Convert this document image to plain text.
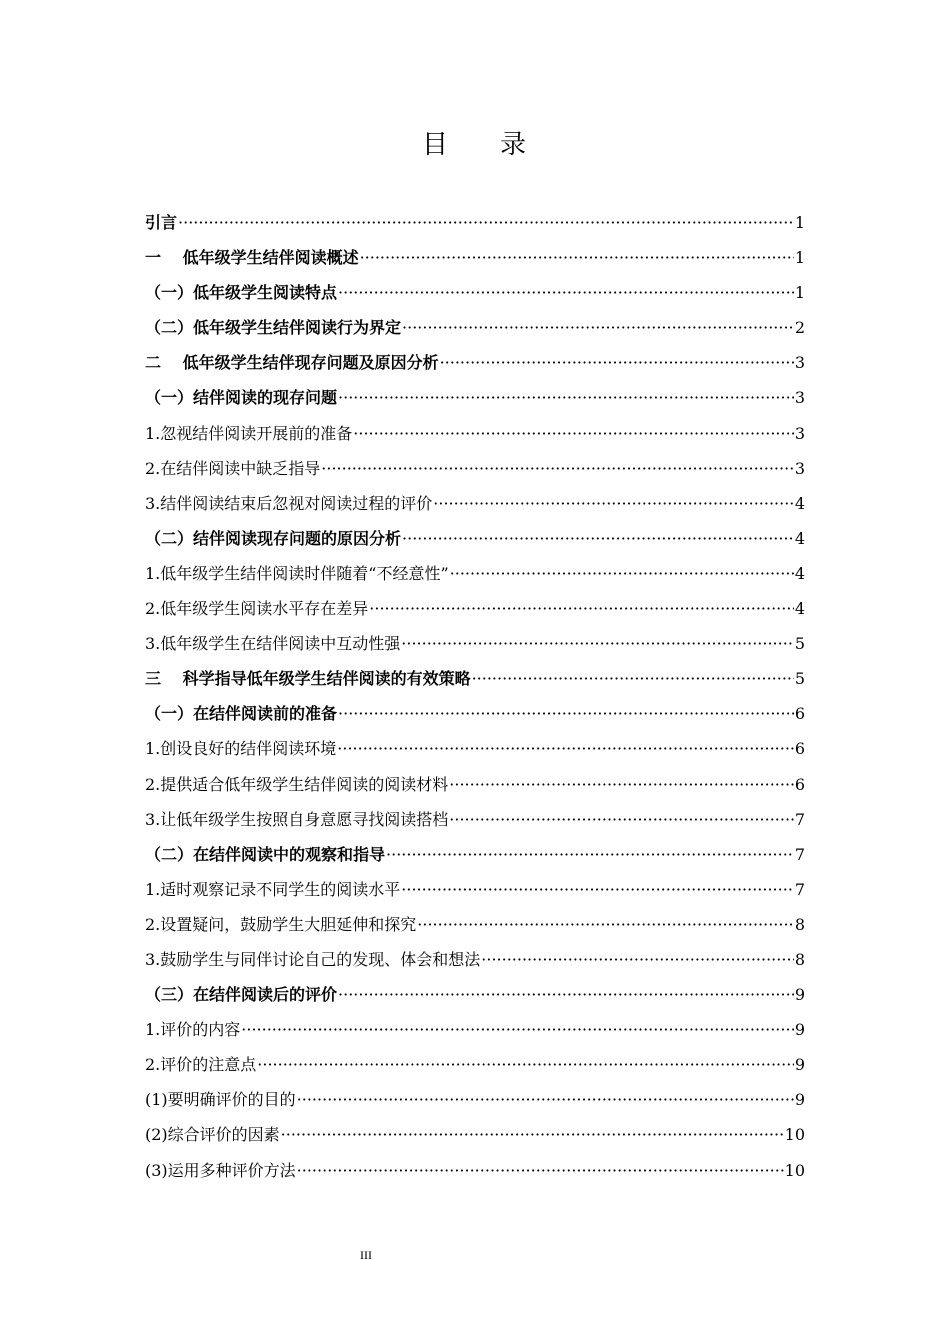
目 录
引言 ·····	1
一　 低年级学生结伴阅读概述 ·····	1
（一）低年级学生阅读特点 ·····	1
（二）低年级学生结伴阅读行为界定 ·····	2
二　 低年级学生结伴现存问题及原因分析 ·····	3
（一）结伴阅读的现存问题 ·····	3
1.忽视结伴阅读开展前的准备 ·····	3
2.在结伴阅读中缺乏指导 ·····	3
3.结伴阅读结束后忽视对阅读过程的评价 ·····	4
（二）结伴阅读现存问题的原因分析 ·····	4
1.低年级学生结伴阅读时伴随着“不经意性” ·····	4
2.低年级学生阅读水平存在差异 ·····	4
3.低年级学生在结伴阅读中互动性强 ·····	5
三　 科学指导低年级学生结伴阅读的有效策略 ·····	5
（一）在结伴阅读前的准备 ·····	6
1.创设良好的结伴阅读环境 ·····	6
2.提供适合低年级学生结伴阅读的阅读材料 ·····	6
3.让低年级学生按照自身意愿寻找阅读搭档 ·····	7
（二）在结伴阅读中的观察和指导 ·····	7
1.适时观察记录不同学生的阅读水平 ·····	7
2.设置疑问，鼓励学生大胆延伸和探究 ·····	8
3.鼓励学生与同伴讨论自己的发现、体会和想法 ·····	8
（三）在结伴阅读后的评价 ·····	9
1.评价的内容 ·····	9
2.评价的注意点 ·····	9
(1)要明确评价的目的 ·····	9
(2)综合评价的因素 ·····	10
(3)运用多种评价方法 ·····	10
III
